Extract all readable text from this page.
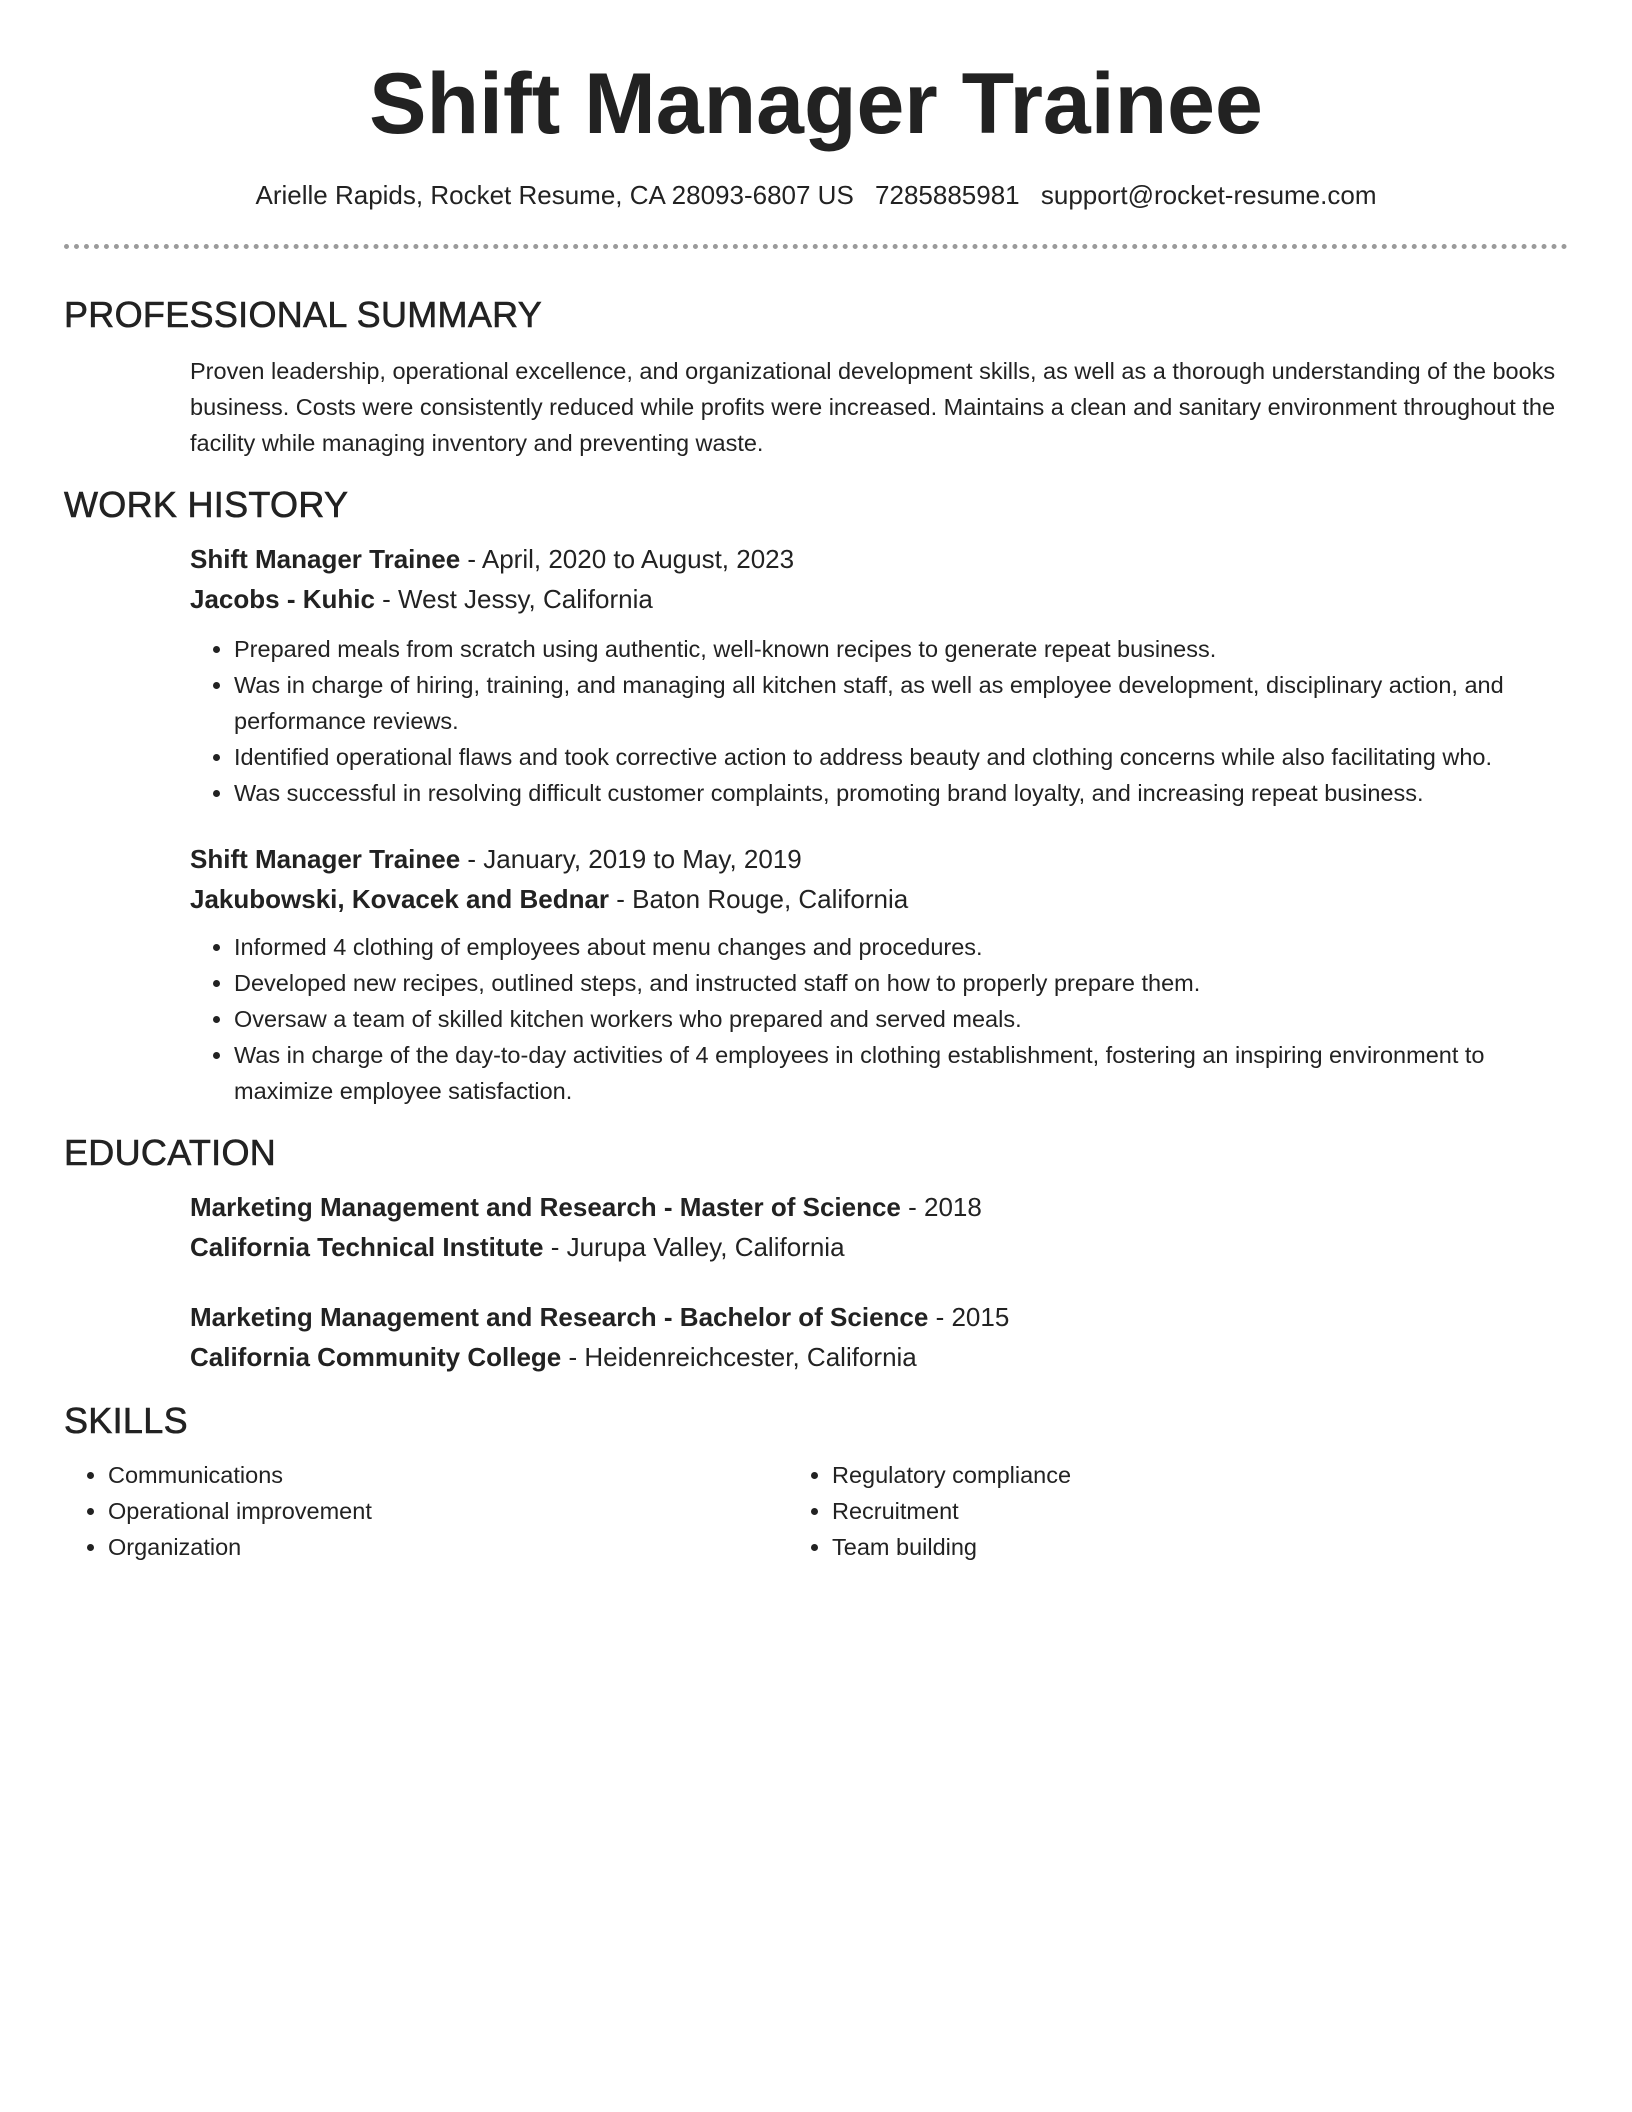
Shift Manager Trainee
Arielle Rapids, Rocket Resume, CA 28093-6807 US 7285885981 support@rocket-resume.com
PROFESSIONAL SUMMARY

Proven leadership, operational excellence, and organizational development skills, as well as a thorough understanding of the books business. Costs were consistently reduced while profits were increased. Maintains a clean and sanitary environment throughout the facility while managing inventory and preventing waste.

WORK HISTORY
Shift Manager Trainee - April, 2020 to August, 2023
Jacobs - Kuhic - West Jessy, California
• Prepared meals from scratch using authentic, well-known recipes to generate repeat business.
• Was in charge of hiring, training, and managing all kitchen staff, as well as employee development, disciplinary action, and performance reviews.
• Identified operational flaws and took corrective action to address beauty and clothing concerns while also facilitating who.
• Was successful in resolving difficult customer complaints, promoting brand loyalty, and increasing repeat business.
Shift Manager Trainee - January, 2019 to May, 2019
Jakubowski, Kovacek and Bednar - Baton Rouge, California
• Informed 4 clothing of employees about menu changes and procedures.
• Developed new recipes, outlined steps, and instructed staff on how to properly prepare them.
• Oversaw a team of skilled kitchen workers who prepared and served meals.
• Was in charge of the day-to-day activities of 4 employees in clothing establishment, fostering an inspiring environment to maximize employee satisfaction.
EDUCATION
Marketing Management and Research - Master of Science - 2018
California Technical Institute - Jurupa Valley, California
Marketing Management and Research - Bachelor of Science - 2015
California Community College - Heidenreichcester, California
SKILLS
• Communications
• Operational improvement
• Organization
• Regulatory compliance
• Recruitment
• Team building
